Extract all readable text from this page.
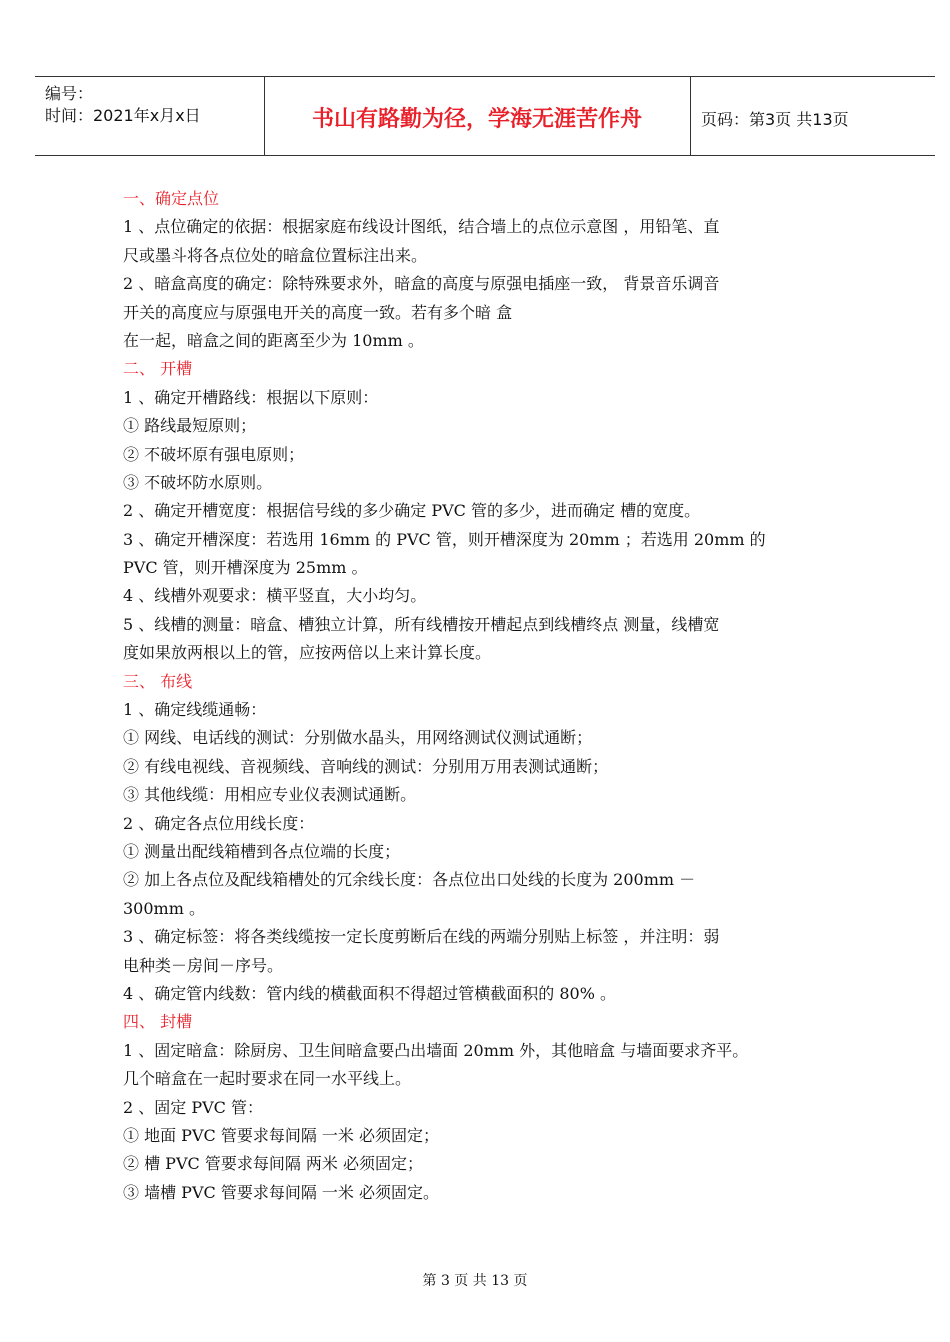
编号：
时间：2021年x月x日	书山有路勤为径，学海无涯苦作舟	页码：第3页 共13页
一、确定点位
1 、点位确定的依据：根据家庭布线设计图纸，结合墙上的点位示意图 ，用铅笔、直
尺或墨斗将各点位处的暗盒位置标注出来。
2 、暗盒高度的确定：除特殊要求外，暗盒的高度与原强电插座一致， 背景音乐调音
开关的高度应与原强电开关的高度一致。若有多个暗 盒
在一起，暗盒之间的距离至少为 10mm 。
二、 开槽
1 、确定开槽路线：根据以下原则：
① 路线最短原则；
② 不破坏原有强电原则；
③ 不破坏防水原则。
2 、确定开槽宽度：根据信号线的多少确定 PVC 管的多少，进而确定 槽的宽度。
3 、确定开槽深度：若选用 16mm 的 PVC 管，则开槽深度为 20mm ；若选用 20mm 的
PVC 管，则开槽深度为 25mm 。
4 、线槽外观要求：横平竖直，大小均匀。
5 、线槽的测量：暗盒、槽独立计算，所有线槽按开槽起点到线槽终点 测量，线槽宽
度如果放两根以上的管，应按两倍以上来计算长度。
三、 布线
1 、确定线缆通畅：
① 网线、电话线的测试：分别做水晶头，用网络测试仪测试通断；
② 有线电视线、音视频线、音响线的测试：分别用万用表测试通断；
③ 其他线缆：用相应专业仪表测试通断。
2 、确定各点位用线长度：
① 测量出配线箱槽到各点位端的长度；
② 加上各点位及配线箱槽处的冗余线长度：各点位出口处线的长度为 200mm －
300mm 。
3 、确定标签：将各类线缆按一定长度剪断后在线的两端分别贴上标签 ，并注明：弱
电种类－房间－序号。
4 、确定管内线数：管内线的横截面积不得超过管横截面积的 80% 。
四、 封槽
1 、固定暗盒：除厨房、卫生间暗盒要凸出墙面 20mm 外，其他暗盒 与墙面要求齐平。
几个暗盒在一起时要求在同一水平线上。
2 、固定 PVC 管：
① 地面 PVC 管要求每间隔 一米 必须固定；
② 槽 PVC 管要求每间隔 两米 必须固定；
③ 墙槽 PVC 管要求每间隔 一米 必须固定。
第 3 页 共 13 页
